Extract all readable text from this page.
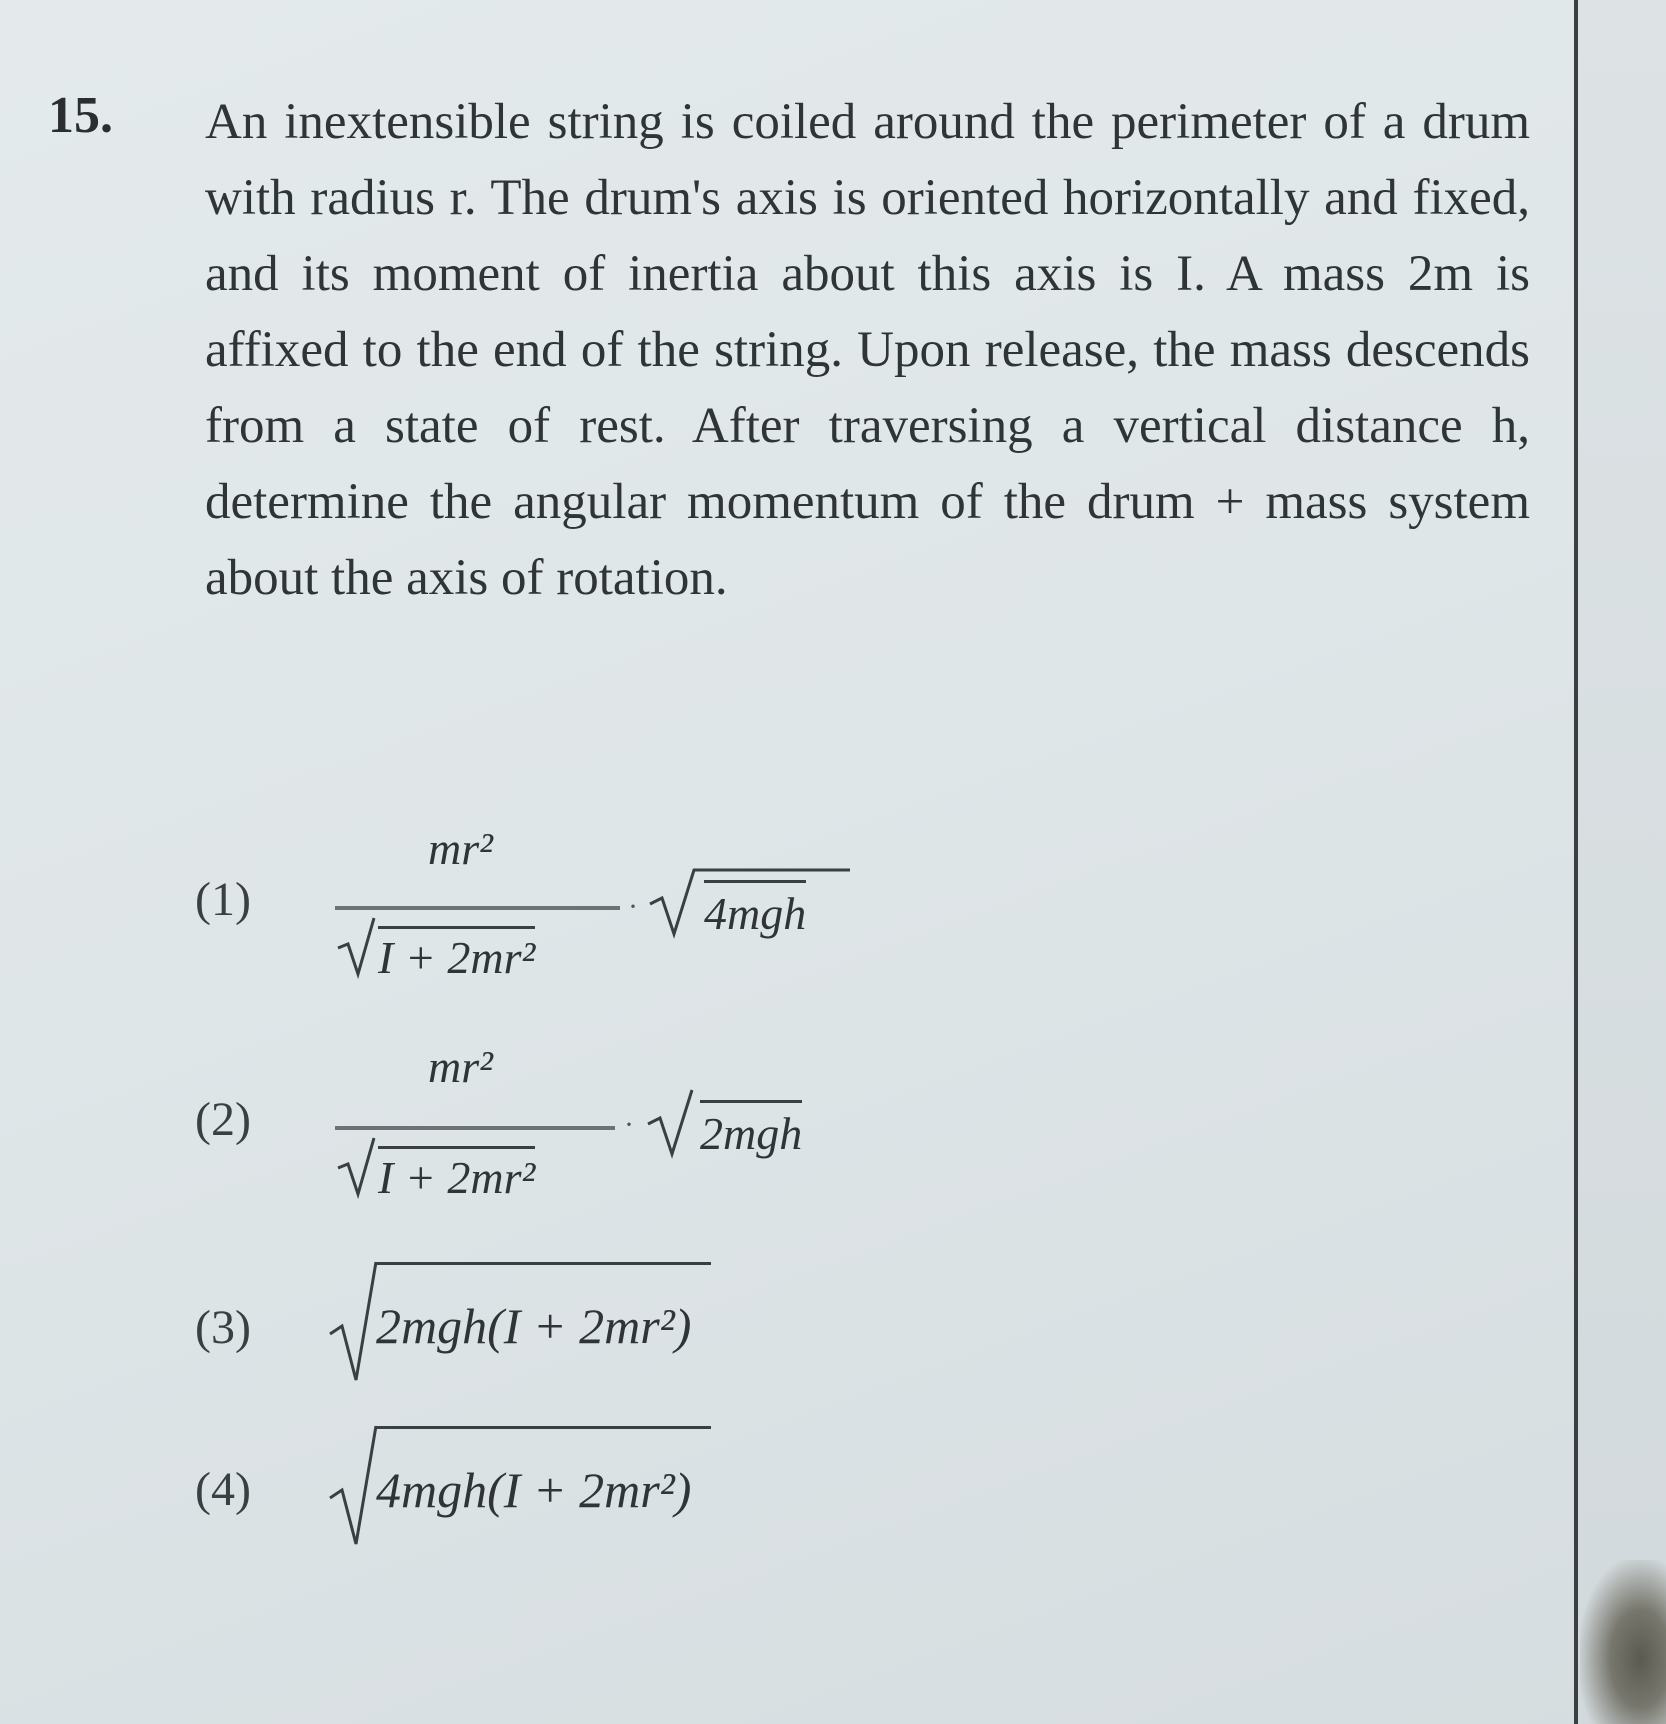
15. An inextensible string is coiled around the perimeter of a drum with radius r. The drum's axis is oriented horizontally and fixed, and its moment of inertia about this axis is I. A mass 2m is affixed to the end of the string. Upon release, the mass descends from a state of rest. After traversing a vertical distance h, determine the angular momentum of the drum + mass system about the axis of rotation.
(1)
$\frac{\text{mr²}}{\text{I + 2mr²}}$
· 4mgh
(2)
$\frac{\text{mr²}}{\text{I + 2mr²}}$
· 2mgh
(3)	2mgh(I + 2mr²)
(4)	4mgh(I + 2mr²)
